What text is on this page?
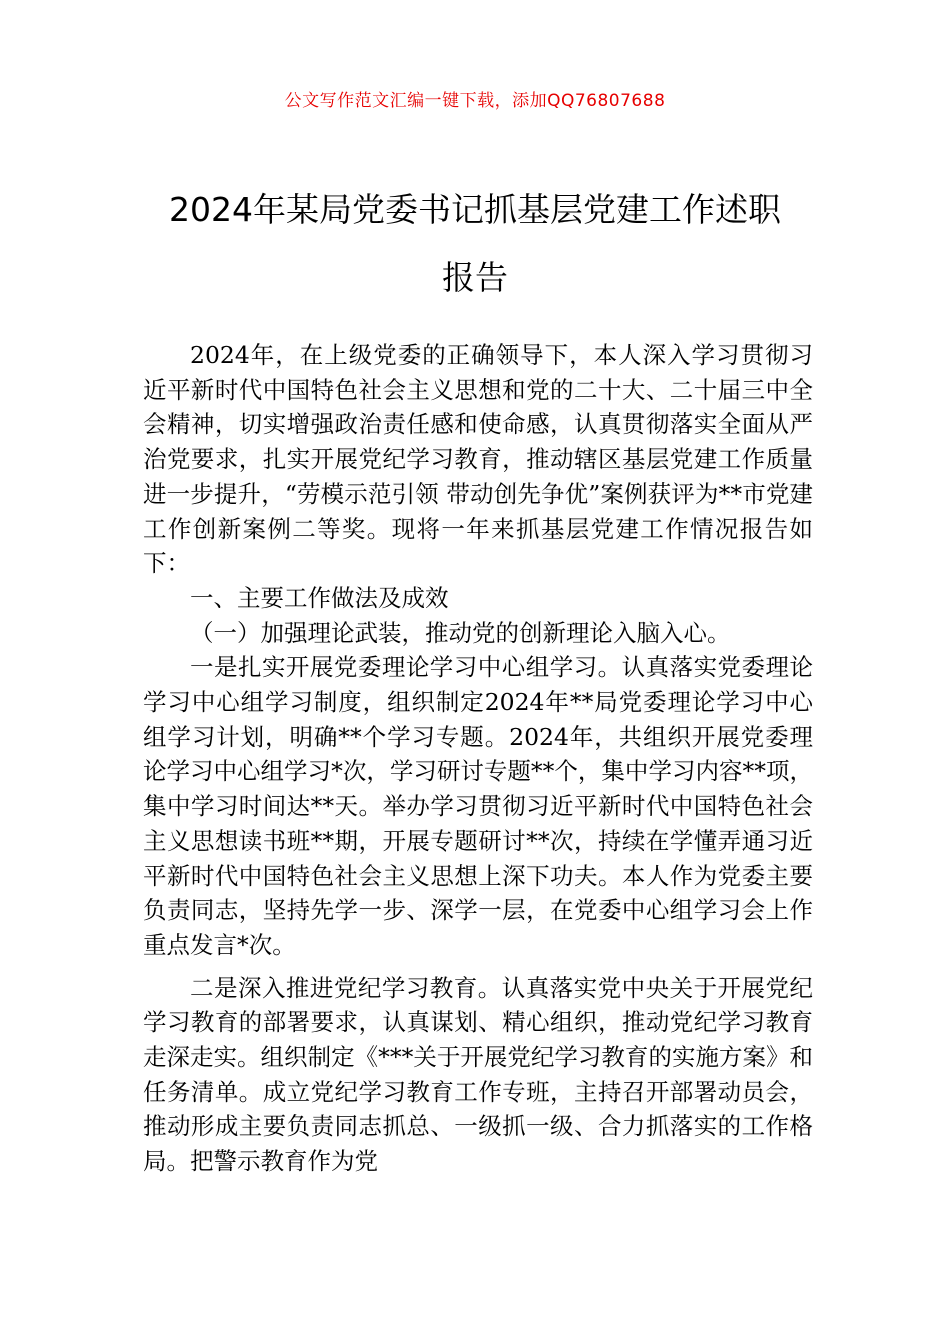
公文写作范文汇编一键下载，添加QQ76807688
2024年某局党委书记抓基层党建工作述职
报告

2024年，在上级党委的正确领导下，本人深入学习贯彻习近平新时代中国特色社会主义思想和党的二十大、二十届三中全会精神，切实增强政治责任感和使命感，认真贯彻落实全面从严治党要求，扎实开展党纪学习教育，推动辖区基层党建工作质量进一步提升，“劳模示范引领 带动创先争优”案例获评为**市党建工作创新案例二等奖。现将一年来抓基层党建工作情况报告如下：

一、主要工作做法及成效

（一）加强理论武装，推动党的创新理论入脑入心。

一是扎实开展党委理论学习中心组学习。认真落实党委理论学习中心组学习制度，组织制定2024年**局党委理论学习中心组学习计划，明确**个学习专题。2024年，共组织开展党委理论学习中心组学习*次，学习研讨专题**个，集中学习内容**项，集中学习时间达**天。举办学习贯彻习近平新时代中国特色社会主义思想读书班**期，开展专题研讨**次，持续在学懂弄通习近平新时代中国特色社会主义思想上深下功夫。本人作为党委主要负责同志，坚持先学一步、深学一层，在党委中心组学习会上作重点发言*次。

二是深入推进党纪学习教育。认真落实党中央关于开展党纪学习教育的部署要求，认真谋划、精心组织，推动党纪学习教育走深走实。组织制定《***关于开展党纪学习教育的实施方案》和任务清单。成立党纪学习教育工作专班，主持召开部署动员会，推动形成主要负责同志抓总、一级抓一级、合力抓落实的工作格局。把警示教育作为党
